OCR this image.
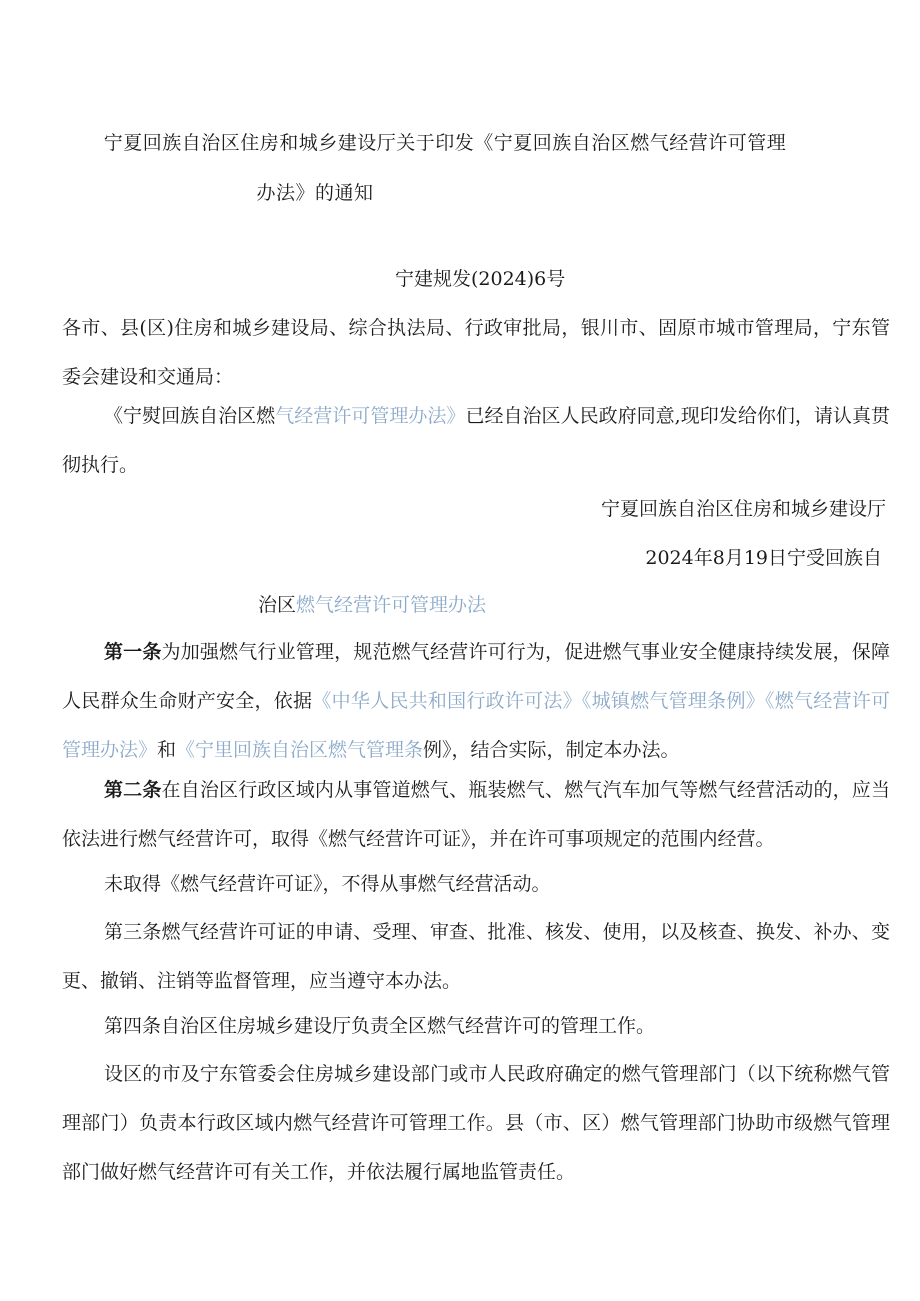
宁夏回族自治区住房和城乡建设厅关于印发《宁夏回族自治区燃气经营许可管理
办法》的通知
宁建规发(2024)6号
各市、县(区)住房和城乡建设局、综合执法局、行政审批局，银川市、固原市城市管理局，宁东管委会建设和交通局：
《宁熨回族自治区燃气经营许可管理办法》已经自治区人民政府同意,现印发给你们，请认真贯彻执行。
宁夏回族自治区住房和城乡建设厅
2024年8月19日宁受回族自
治区燃气经营许可管理办法
第一条为加强燃气行业管理，规范燃气经营许可行为，促进燃气事业安全健康持续发展，保障人民群众生命财产安全，依据《中华人民共和国行政许可法》《城镇燃气管理条例》《燃气经营许可管理办法》和《宁里回族自治区燃气管理条例》，结合实际，制定本办法。
第二条在自治区行政区域内从事管道燃气、瓶装燃气、燃气汽车加气等燃气经营活动的，应当依法进行燃气经营许可，取得《燃气经营许可证》，并在许可事项规定的范围内经营。
未取得《燃气经营许可证》，不得从事燃气经营活动。
第三条燃气经营许可证的申请、受理、审查、批准、核发、使用，以及核查、换发、补办、变更、撤销、注销等监督管理，应当遵守本办法。
第四条自治区住房城乡建设厅负责全区燃气经营许可的管理工作。
设区的市及宁东管委会住房城乡建设部门或市人民政府确定的燃气管理部门（以下统称燃气管理部门）负责本行政区域内燃气经营许可管理工作。县（市、区）燃气管理部门协助市级燃气管理部门做好燃气经营许可有关工作，并依法履行属地监管责任。
